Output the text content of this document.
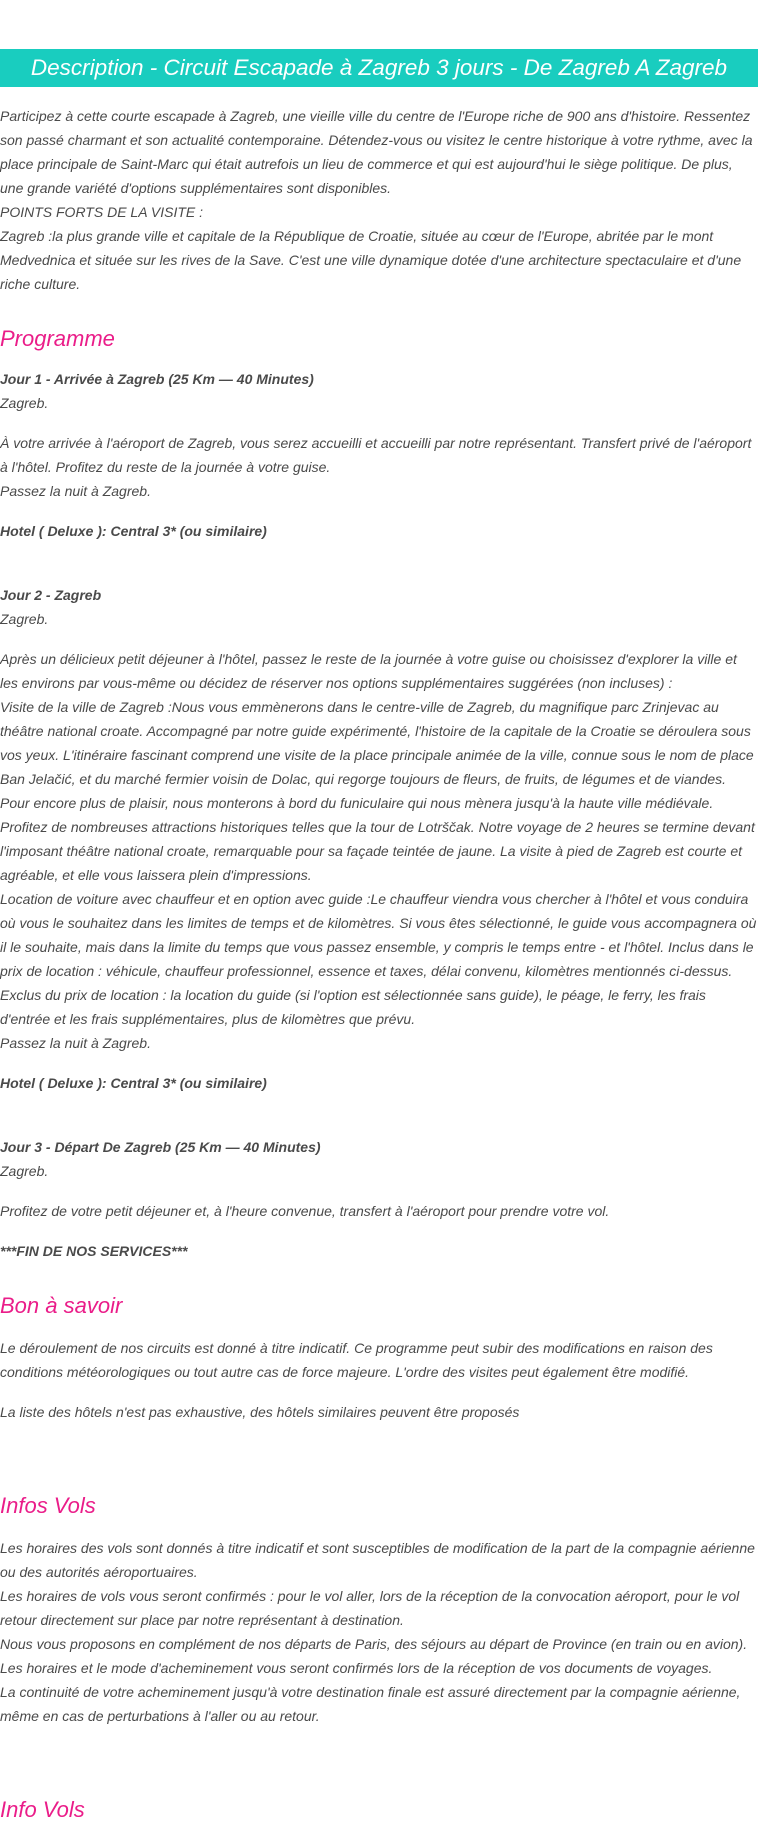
Description - Circuit Escapade à Zagreb 3 jours - De Zagreb A Zagreb

Participez à cette courte escapade à Zagreb, une vieille ville du centre de l'Europe riche de 900 ans d'histoire. Ressentez son passé charmant et son actualité contemporaine. Détendez-vous ou visitez le centre historique à votre rythme, avec la place principale de Saint-Marc qui était autrefois un lieu de commerce et qui est aujourd'hui le siège politique. De plus, une grande variété d'options supplémentaires sont disponibles.

POINTS FORTS DE LA VISITE :

Zagreb :la plus grande ville et capitale de la République de Croatie, située au cœur de l'Europe, abritée par le mont Medvednica et située sur les rives de la Save. C'est une ville dynamique dotée d'une architecture spectaculaire et d'une riche culture.

Programme

Jour 1 - Arrivée à Zagreb (25 Km — 40 Minutes)

Zagreb.

À votre arrivée à l'aéroport de Zagreb, vous serez accueilli et accueilli par notre représentant. Transfert privé de l'aéroport à l'hôtel. Profitez du reste de la journée à votre guise.

Passez la nuit à Zagreb.

Hotel ( Deluxe ): Central 3* (ou similaire)

Jour 2 - Zagreb

Zagreb.

Après un délicieux petit déjeuner à l'hôtel, passez le reste de la journée à votre guise ou choisissez d'explorer la ville et les environs par vous-même ou décidez de réserver nos options supplémentaires suggérées (non incluses) :

Visite de la ville de Zagreb :Nous vous emmènerons dans le centre-ville de Zagreb, du magnifique parc Zrinjevac au théâtre national croate. Accompagné par notre guide expérimenté, l'histoire de la capitale de la Croatie se déroulera sous vos yeux. L'itinéraire fascinant comprend une visite de la place principale animée de la ville, connue sous le nom de place Ban Jelačić, et du marché fermier voisin de Dolac, qui regorge toujours de fleurs, de fruits, de légumes et de viandes. Pour encore plus de plaisir, nous monterons à bord du funiculaire qui nous mènera jusqu'à la haute ville médiévale. Profitez de nombreuses attractions historiques telles que la tour de Lotrščak. Notre voyage de 2 heures se termine devant l'imposant théâtre national croate, remarquable pour sa façade teintée de jaune. La visite à pied de Zagreb est courte et agréable, et elle vous laissera plein d'impressions.

Location de voiture avec chauffeur et en option avec guide :Le chauffeur viendra vous chercher à l'hôtel et vous conduira où vous le souhaitez dans les limites de temps et de kilomètres. Si vous êtes sélectionné, le guide vous accompagnera où il le souhaite, mais dans la limite du temps que vous passez ensemble, y compris le temps entre - et l'hôtel. Inclus dans le prix de location : véhicule, chauffeur professionnel, essence et taxes, délai convenu, kilomètres mentionnés ci-dessus. Exclus du prix de location : la location du guide (si l'option est sélectionnée sans guide), le péage, le ferry, les frais d'entrée et les frais supplémentaires, plus de kilomètres que prévu.

Passez la nuit à Zagreb.

Hotel ( Deluxe ): Central 3* (ou similaire)

Jour 3 - Départ De Zagreb (25 Km — 40 Minutes)

Zagreb.

Profitez de votre petit déjeuner et, à l'heure convenue, transfert à l'aéroport pour prendre votre vol.

***FIN DE NOS SERVICES***

Bon à savoir

Le déroulement de nos circuits est donné à titre indicatif. Ce programme peut subir des modifications en raison des conditions météorologiques ou tout autre cas de force majeure. L'ordre des visites peut également être modifié.

La liste des hôtels n'est pas exhaustive, des hôtels similaires peuvent être proposés

Infos Vols

Les horaires des vols sont donnés à titre indicatif et sont susceptibles de modification de la part de la compagnie aérienne ou des autorités aéroportuaires.

Les horaires de vols vous seront confirmés : pour le vol aller, lors de la réception de la convocation aéroport, pour le vol retour directement sur place par notre représentant à destination.

Nous vous proposons en complément de nos départs de Paris, des séjours au départ de Province (en train ou en avion).

Les horaires et le mode d'acheminement vous seront confirmés lors de la réception de vos documents de voyages.

La continuité de votre acheminement jusqu'à votre destination finale est assuré directement par la compagnie aérienne, même en cas de perturbations à l'aller ou au retour.

Info Vols
